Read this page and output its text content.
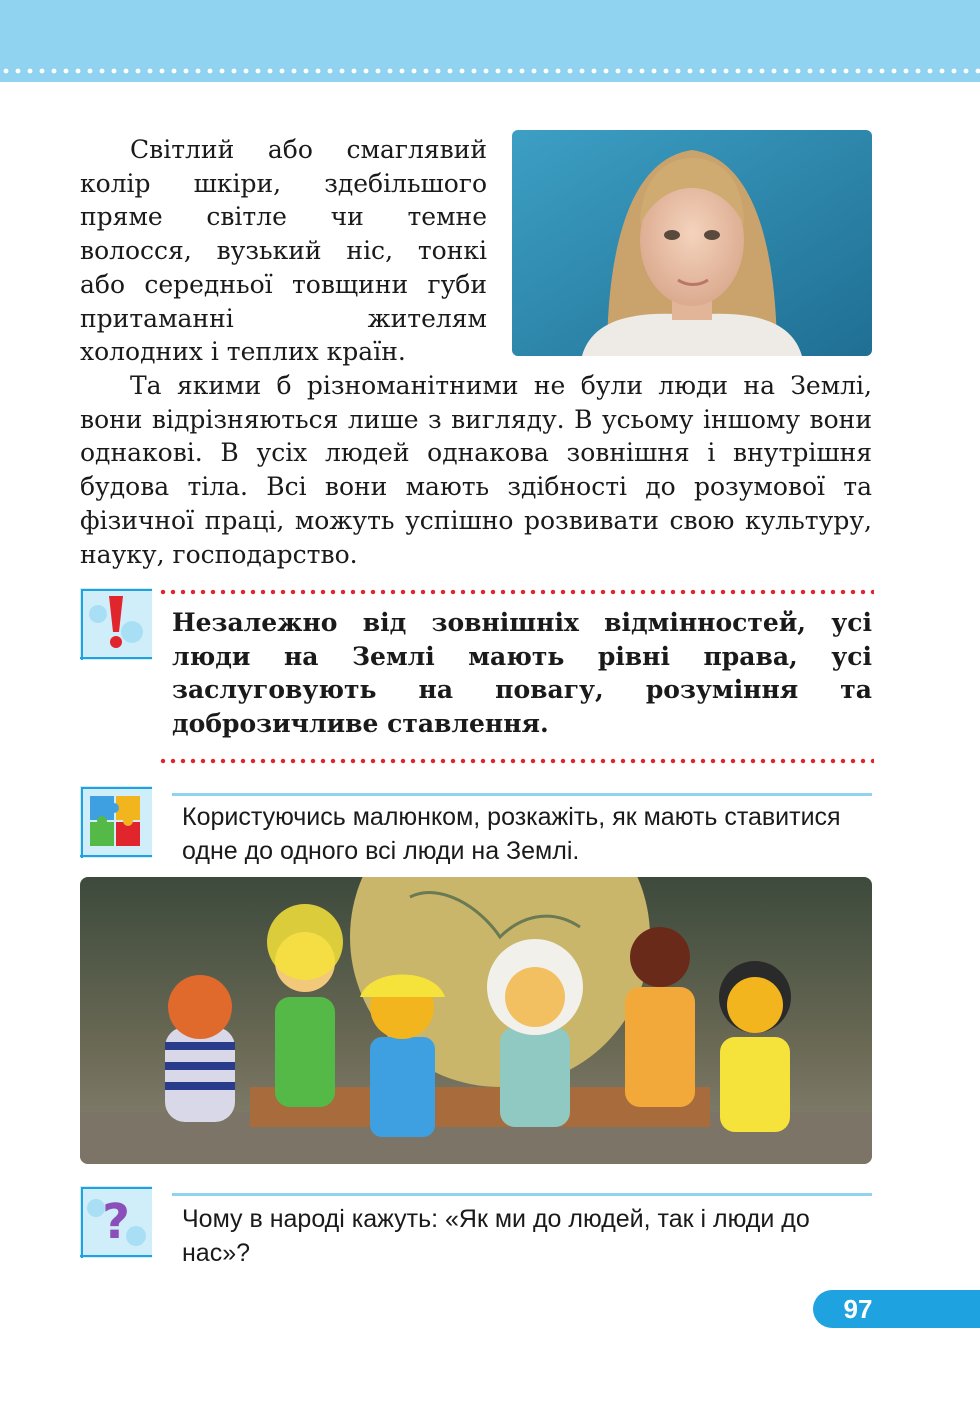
Світлий або смаглявий колір шкіри, здебільшого пряме світле чи темне волосся, вузький ніс, тонкі або середньої товщини губи притаманні жителям холодних і теплих країн.

Та якими б різноманітними не були люди на Землі, вони відрізняються лише з вигляду. В усьому іншому вони однакові. В усіх людей однакова зовнішня і внутрішня будова тіла. Всі вони мають здібності до розумової та фізичної праці, можуть успішно розвивати свою культуру, науку, господарство.

Незалежно від зовнішніх відмінностей, усі люди на Землі мають рівні права, усі заслуговують на повагу, розуміння та доброзичливе ставлення.

Користуючись малюнком, розкажіть, як мають ставитися одне до одного всі люди на Землі.

? Чому в народі кажуть: «Як ми до людей, так і люди до нас»?

97
